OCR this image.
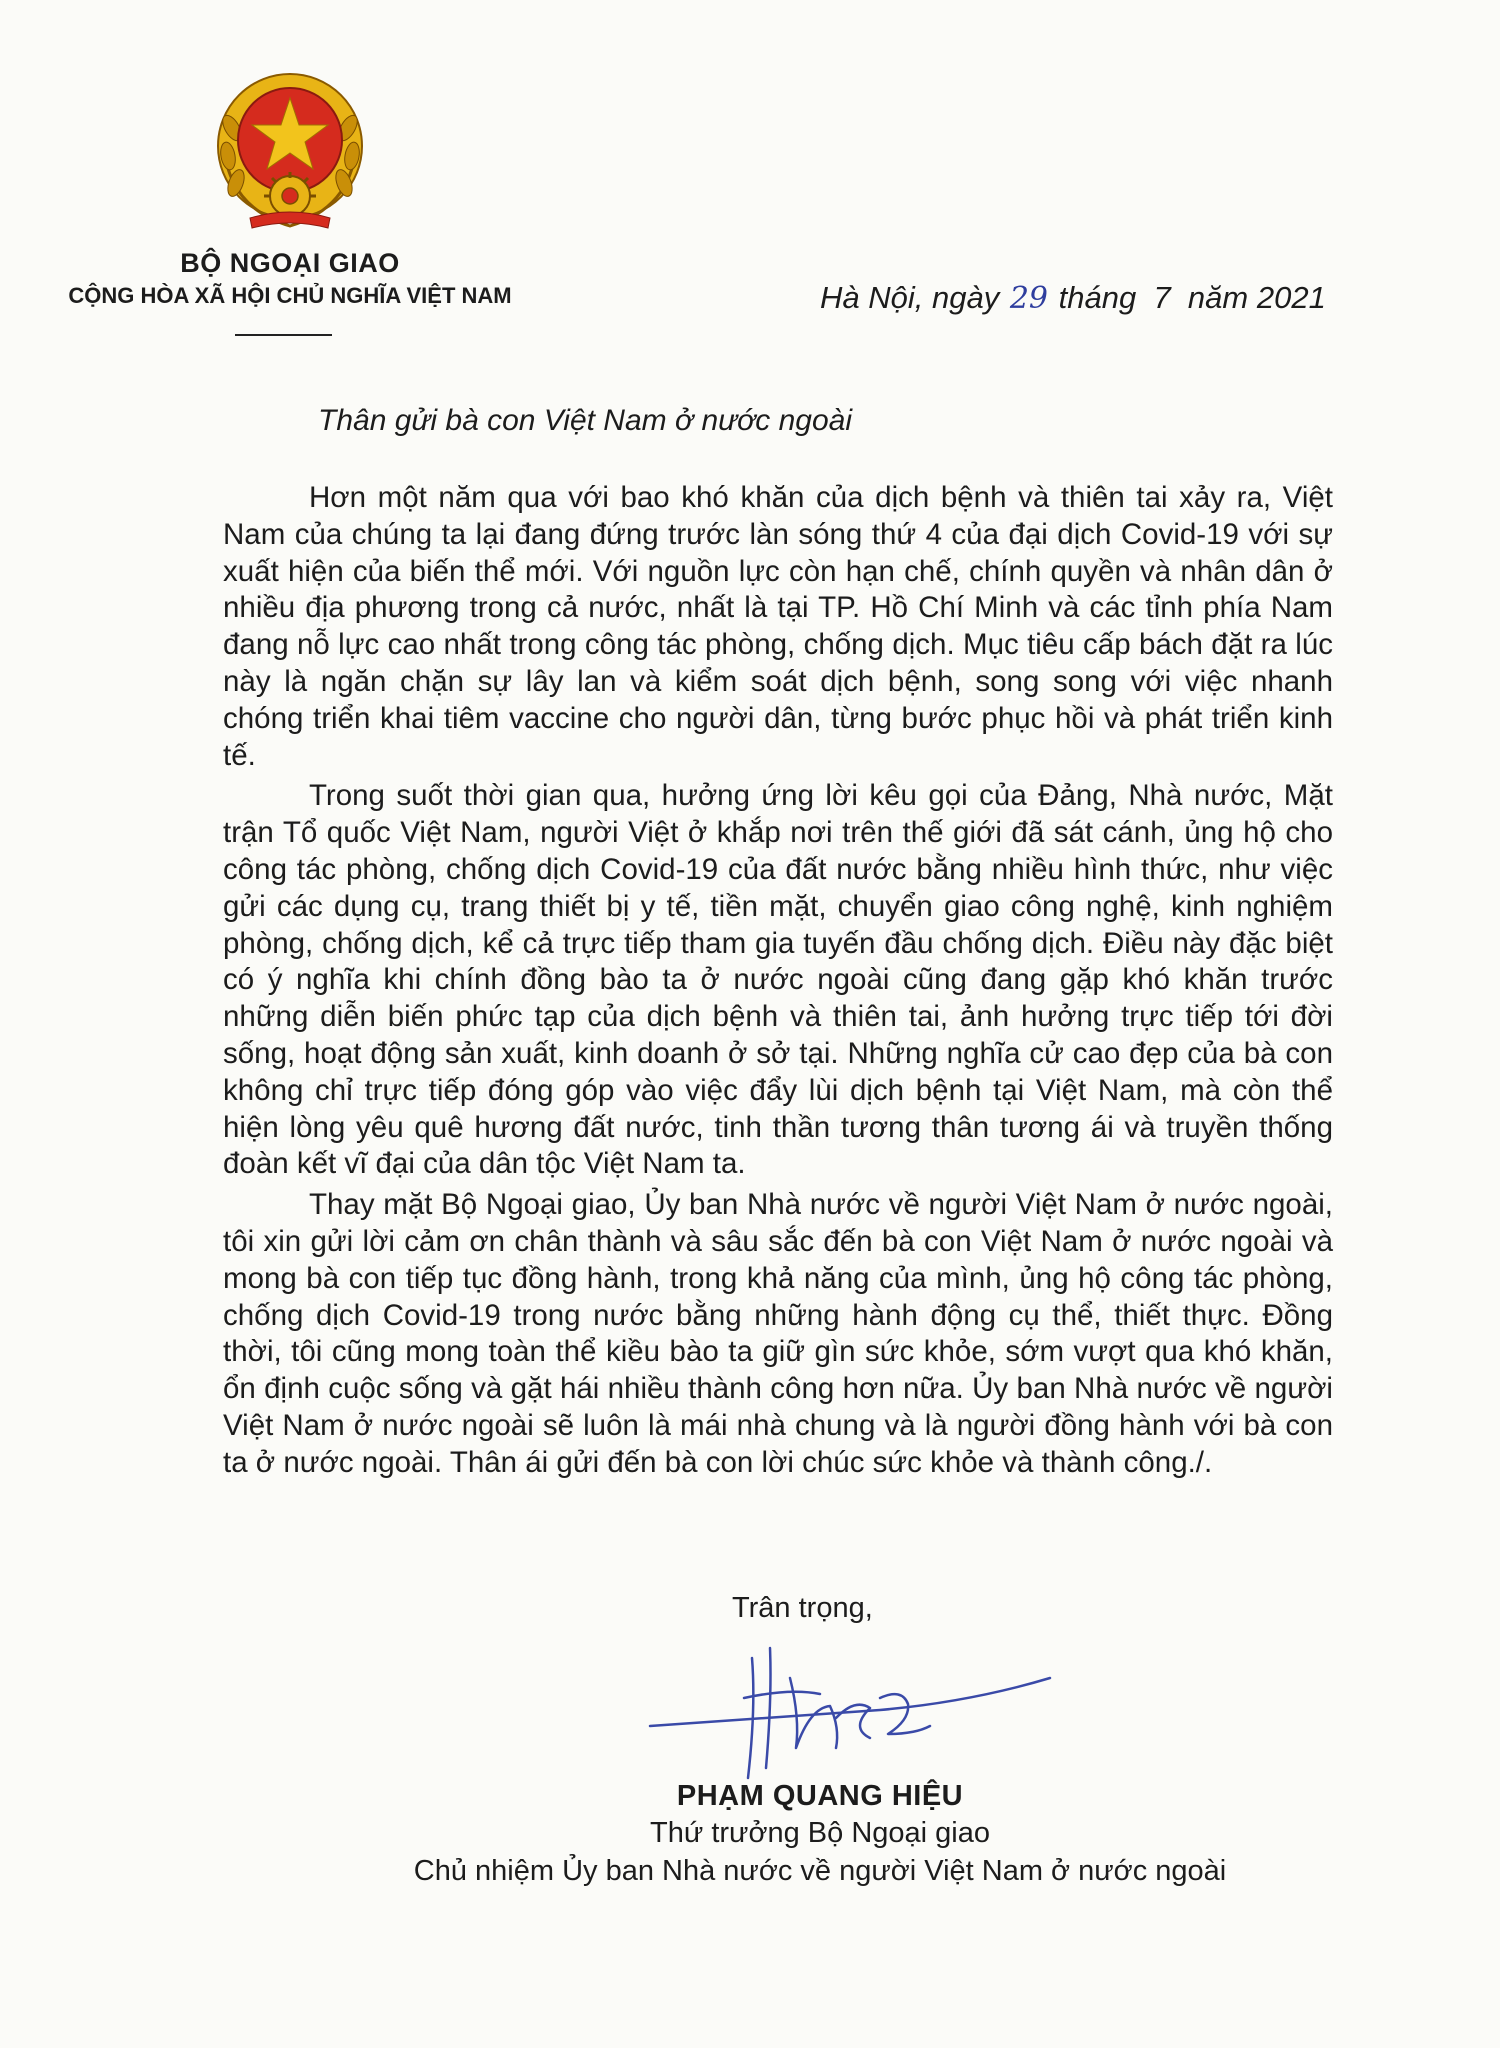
BỘ NGOẠI GIAO
CỘNG HÒA XÃ HỘI CHỦ NGHĨA VIỆT NAM	Hà Nội, ngày 29 tháng  7  năm 2021
Thân gửi bà con Việt Nam ở nước ngoài

Hơn một năm qua với bao khó khăn của dịch bệnh và thiên tai xảy ra, Việt Nam của chúng ta lại đang đứng trước làn sóng thứ 4 của đại dịch Covid-19 với sự xuất hiện của biến thể mới. Với nguồn lực còn hạn chế, chính quyền và nhân dân ở nhiều địa phương trong cả nước, nhất là tại TP. Hồ Chí Minh và các tỉnh phía Nam đang nỗ lực cao nhất trong công tác phòng, chống dịch. Mục tiêu cấp bách đặt ra lúc này là ngăn chặn sự lây lan và kiểm soát dịch bệnh, song song với việc nhanh chóng triển khai tiêm vaccine cho người dân, từng bước phục hồi và phát triển kinh tế.

Trong suốt thời gian qua, hưởng ứng lời kêu gọi của Đảng, Nhà nước, Mặt trận Tổ quốc Việt Nam, người Việt ở khắp nơi trên thế giới đã sát cánh, ủng hộ cho công tác phòng, chống dịch Covid-19 của đất nước bằng nhiều hình thức, như việc gửi các dụng cụ, trang thiết bị y tế, tiền mặt, chuyển giao công nghệ, kinh nghiệm phòng, chống dịch, kể cả trực tiếp tham gia tuyến đầu chống dịch. Điều này đặc biệt có ý nghĩa khi chính đồng bào ta ở nước ngoài cũng đang gặp khó khăn trước những diễn biến phức tạp của dịch bệnh và thiên tai, ảnh hưởng trực tiếp tới đời sống, hoạt động sản xuất, kinh doanh ở sở tại. Những nghĩa cử cao đẹp của bà con không chỉ trực tiếp đóng góp vào việc đẩy lùi dịch bệnh tại Việt Nam, mà còn thể hiện lòng yêu quê hương đất nước, tinh thần tương thân tương ái và truyền thống đoàn kết vĩ đại của dân tộc Việt Nam ta.

Thay mặt Bộ Ngoại giao, Ủy ban Nhà nước về người Việt Nam ở nước ngoài, tôi xin gửi lời cảm ơn chân thành và sâu sắc đến bà con Việt Nam ở nước ngoài và mong bà con tiếp tục đồng hành, trong khả năng của mình, ủng hộ công tác phòng, chống dịch Covid-19 trong nước bằng những hành động cụ thể, thiết thực. Đồng thời, tôi cũng mong toàn thể kiều bào ta giữ gìn sức khỏe, sớm vượt qua khó khăn, ổn định cuộc sống và gặt hái nhiều thành công hơn nữa. Ủy ban Nhà nước về người Việt Nam ở nước ngoài sẽ luôn là mái nhà chung và là người đồng hành với bà con ta ở nước ngoài. Thân ái gửi đến bà con lời chúc sức khỏe và thành công./.

Trân trọng,
PHẠM QUANG HIỆU
Thứ trưởng Bộ Ngoại giao
Chủ nhiệm Ủy ban Nhà nước về người Việt Nam ở nước ngoài
